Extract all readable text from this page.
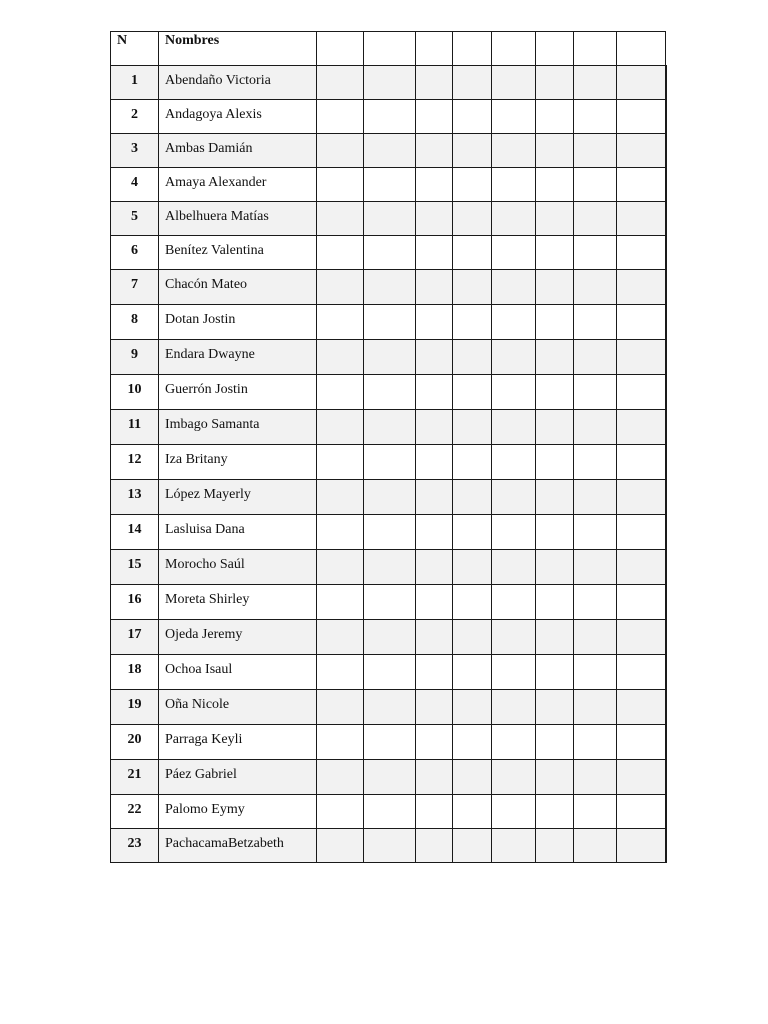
N	Nombres									
1	Abendaño Victoria									
2	Andagoya Alexis									
3	Ambas Damián									
4	Amaya Alexander									
5	Albelhuera Matías									
6	Benítez Valentina									
7	Chacón Mateo									
8	Dotan Jostin									
9	Endara Dwayne									
10	Guerrón Jostin									
11	Imbago Samanta									
12	Iza Britany									
13	López Mayerly									
14	Lasluisa Dana									
15	Morocho Saúl									
16	Moreta Shirley									
17	Ojeda Jeremy									
18	Ochoa Isaul									
19	Oña Nicole									
20	Parraga Keyli									
21	Páez Gabriel									
22	Palomo Eymy									
23	PachacamaBetzabeth									
